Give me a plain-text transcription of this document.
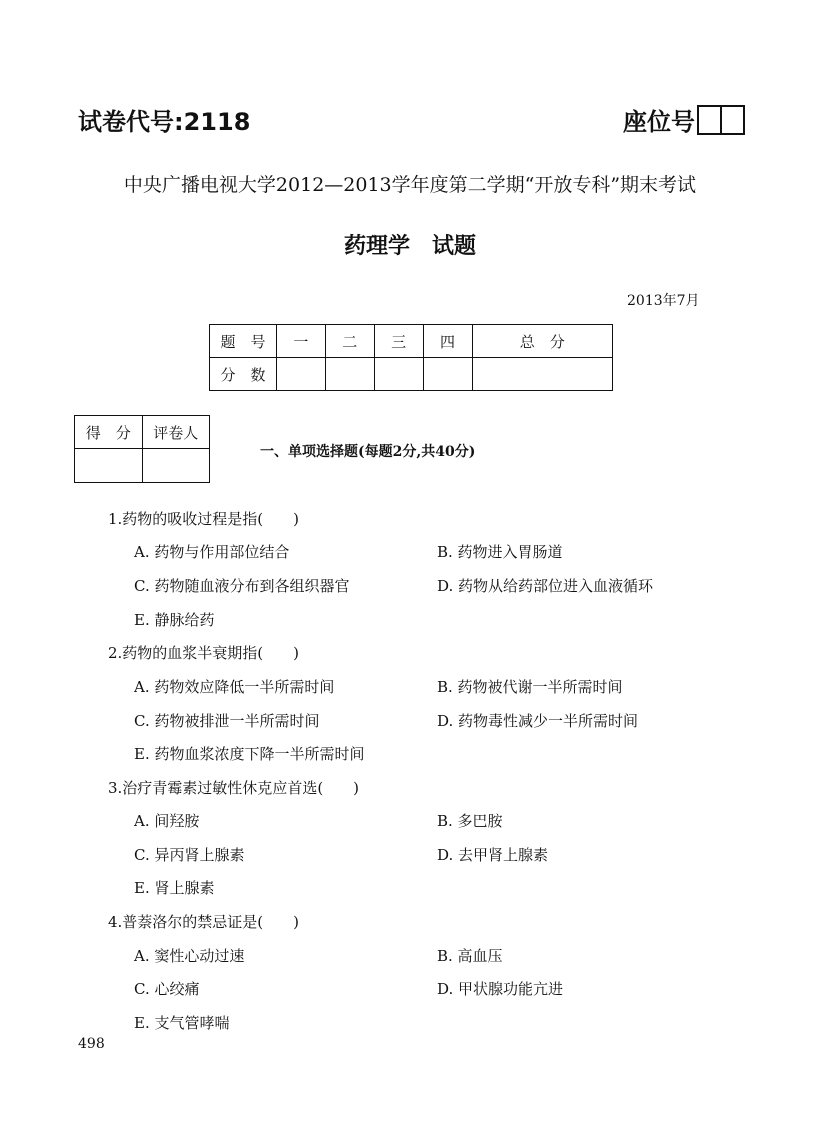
试卷代号:2118	座位号
中央广播电视大学2012—2013学年度第二学期“开放专科”期末考试
药理学　试题
2013年7月
题　号	一	二	三	四	总　分
分　数					
得　分	评卷人

一、单项选择题(每题2分,共40分)
1.药物的吸收过程是指(　　)
A. 药物与作用部位结合	B. 药物进入胃肠道
C. 药物随血液分布到各组织器官	D. 药物从给药部位进入血液循环
E. 静脉给药
2.药物的血浆半衰期指(　　)
A. 药物效应降低一半所需时间	B. 药物被代谢一半所需时间
C. 药物被排泄一半所需时间	D. 药物毒性减少一半所需时间
E. 药物血浆浓度下降一半所需时间
3.治疗青霉素过敏性休克应首选(　　)
A. 间羟胺	B. 多巴胺
C. 异丙肾上腺素	D. 去甲肾上腺素
E. 肾上腺素
4.普萘洛尔的禁忌证是(　　)
A. 窦性心动过速	B. 高血压
C. 心绞痛	D. 甲状腺功能亢进
E. 支气管哮喘
498
